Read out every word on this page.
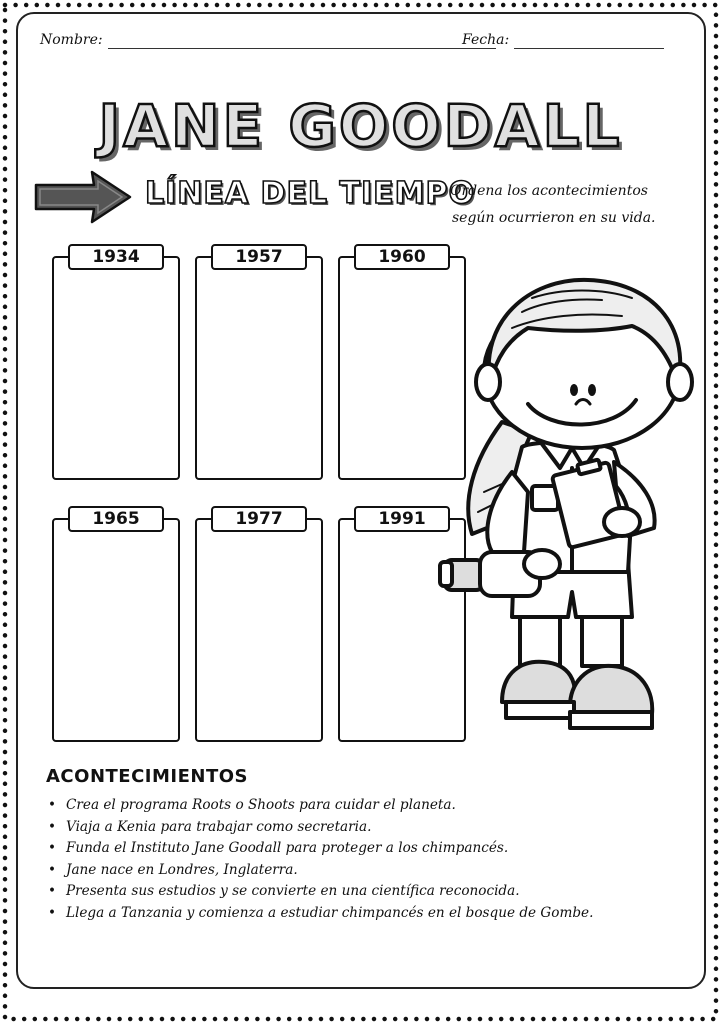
Nombre:	Fecha:
JANE GOODALL
LÍNEA DEL TIEMPO
Ordena los acontecimientos
según ocurrieron en su vida.
1934	1957	1960
1965	1977	1991
ACONTECIMIENTOS
• Crea el programa Roots o Shoots para cuidar el planeta.
• Viaja a Kenia para trabajar como secretaria.
• Funda el Instituto Jane Goodall para proteger a los chimpancés.
• Jane nace en Londres, Inglaterra.
• Presenta sus estudios y se convierte en una científica reconocida.
• Llega a Tanzania y comienza a estudiar chimpancés en el bosque de Gombe.
